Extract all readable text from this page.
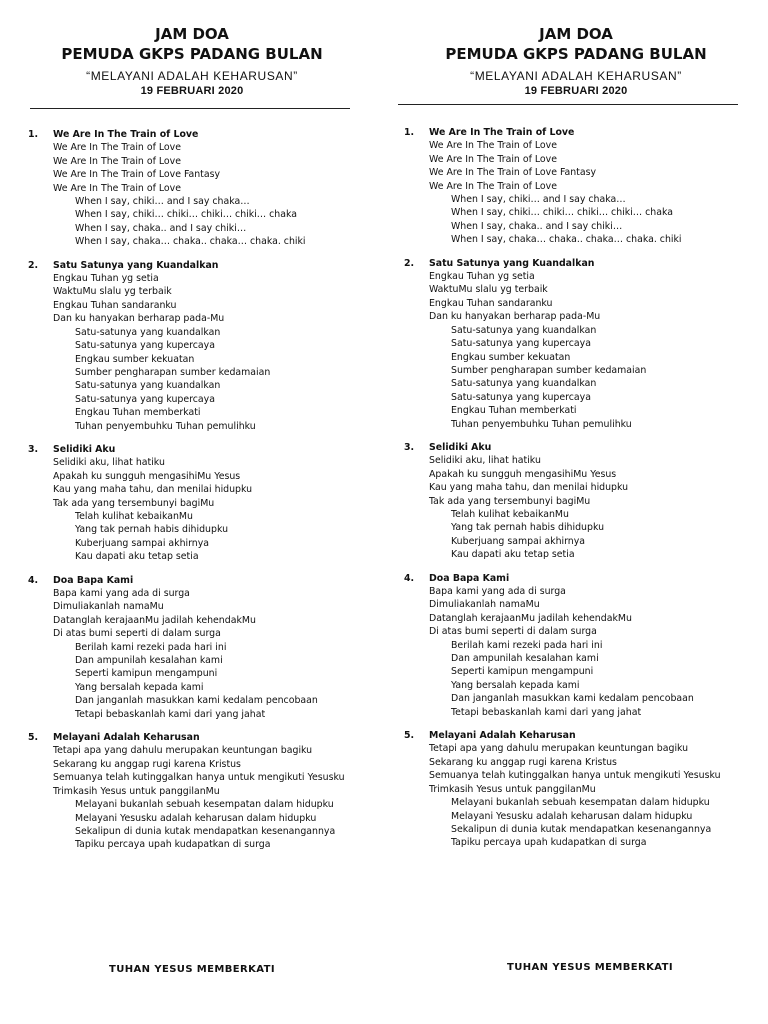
JAM DOA
PEMUDA GKPS PADANG BULAN
“MELAYANI ADALAH KEHARUSAN”
19 FEBRUARI 2020
1.	We Are In The Train of Love
We Are In The Train of Love
We Are In The Train of Love
We Are In The Train of Love Fantasy
We Are In The Train of Love
When I say, chiki… and I say chaka…
When I say, chiki… chiki… chiki… chiki… chaka
When I say, chaka.. and I say chiki…
When I say, chaka… chaka.. chaka… chaka. chiki
2.	Satu Satunya yang Kuandalkan
Engkau Tuhan yg setia
WaktuMu slalu yg terbaik
Engkau Tuhan sandaranku
Dan ku hanyakan berharap pada-Mu
Satu-satunya yang kuandalkan
Satu-satunya yang kupercaya
Engkau sumber kekuatan
Sumber pengharapan sumber kedamaian
Satu-satunya yang kuandalkan
Satu-satunya yang kupercaya
Engkau Tuhan memberkati
Tuhan penyembuhku Tuhan pemulihku
3.	Selidiki Aku
Selidiki aku, lihat hatiku
Apakah ku sungguh mengasihiMu Yesus
Kau yang maha tahu, dan menilai hidupku
Tak ada yang tersembunyi bagiMu
Telah kulihat kebaikanMu
Yang tak pernah habis dihidupku
Kuberjuang sampai akhirnya
Kau dapati aku tetap setia
4.	Doa Bapa Kami
Bapa kami yang ada di surga
Dimuliakanlah namaMu
Datanglah kerajaanMu jadilah kehendakMu
Di atas bumi seperti di dalam surga
Berilah kami rezeki pada hari ini
Dan ampunilah kesalahan kami
Seperti kamipun mengampuni
Yang bersalah kepada kami
Dan janganlah masukkan kami kedalam pencobaan
Tetapi bebaskanlah kami dari yang jahat
5.	Melayani Adalah Keharusan
Tetapi apa yang dahulu merupakan keuntungan bagiku
Sekarang ku anggap rugi karena Kristus
Semuanya telah kutinggalkan hanya untuk mengikuti Yesusku
Trimkasih Yesus untuk panggilanMu
Melayani bukanlah sebuah kesempatan dalam hidupku
Melayani Yesusku adalah keharusan dalam hidupku
Sekalipun di dunia kutak mendapatkan kesenangannya
Tapiku percaya upah kudapatkan di surga
TUHAN YESUS MEMBERKATI
JAM DOA
PEMUDA GKPS PADANG BULAN
“MELAYANI ADALAH KEHARUSAN”
19 FEBRUARI 2020
1.	We Are In The Train of Love
We Are In The Train of Love
We Are In The Train of Love
We Are In The Train of Love Fantasy
We Are In The Train of Love
When I say, chiki… and I say chaka…
When I say, chiki… chiki… chiki… chiki… chaka
When I say, chaka.. and I say chiki…
When I say, chaka… chaka.. chaka… chaka. chiki
2.	Satu Satunya yang Kuandalkan
Engkau Tuhan yg setia
WaktuMu slalu yg terbaik
Engkau Tuhan sandaranku
Dan ku hanyakan berharap pada-Mu
Satu-satunya yang kuandalkan
Satu-satunya yang kupercaya
Engkau sumber kekuatan
Sumber pengharapan sumber kedamaian
Satu-satunya yang kuandalkan
Satu-satunya yang kupercaya
Engkau Tuhan memberkati
Tuhan penyembuhku Tuhan pemulihku
3.	Selidiki Aku
Selidiki aku, lihat hatiku
Apakah ku sungguh mengasihiMu Yesus
Kau yang maha tahu, dan menilai hidupku
Tak ada yang tersembunyi bagiMu
Telah kulihat kebaikanMu
Yang tak pernah habis dihidupku
Kuberjuang sampai akhirnya
Kau dapati aku tetap setia
4.	Doa Bapa Kami
Bapa kami yang ada di surga
Dimuliakanlah namaMu
Datanglah kerajaanMu jadilah kehendakMu
Di atas bumi seperti di dalam surga
Berilah kami rezeki pada hari ini
Dan ampunilah kesalahan kami
Seperti kamipun mengampuni
Yang bersalah kepada kami
Dan janganlah masukkan kami kedalam pencobaan
Tetapi bebaskanlah kami dari yang jahat
5.	Melayani Adalah Keharusan
Tetapi apa yang dahulu merupakan keuntungan bagiku
Sekarang ku anggap rugi karena Kristus
Semuanya telah kutinggalkan hanya untuk mengikuti Yesusku
Trimkasih Yesus untuk panggilanMu
Melayani bukanlah sebuah kesempatan dalam hidupku
Melayani Yesusku adalah keharusan dalam hidupku
Sekalipun di dunia kutak mendapatkan kesenangannya
Tapiku percaya upah kudapatkan di surga
TUHAN YESUS MEMBERKATI
